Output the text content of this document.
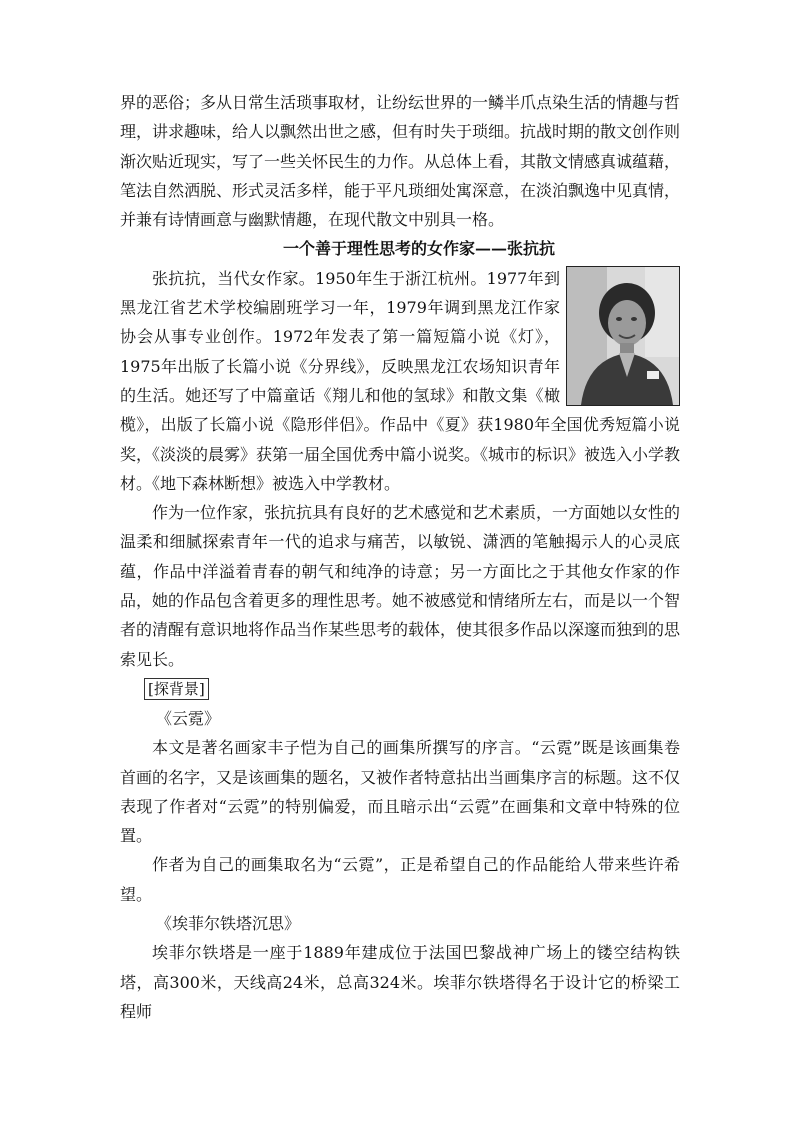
界的恶俗；多从日常生活琐事取材，让纷纭世界的一鳞半爪点染生活的情趣与哲理，讲求趣味，给人以飘然出世之感，但有时失于琐细。抗战时期的散文创作则渐次贴近现实，写了一些关怀民生的力作。从总体上看，其散文情感真诚蕴藉，笔法自然洒脱、形式灵活多样，能于平凡琐细处寓深意，在淡泊飘逸中见真情，并兼有诗情画意与幽默情趣，在现代散文中别具一格。

一个善于理性思考的女作家——张抗抗

张抗抗，当代女作家。1950年生于浙江杭州。1977年到黑龙江省艺术学校编剧班学习一年，1979年调到黑龙江作家协会从事专业创作。1972年发表了第一篇短篇小说《灯》，1975年出版了长篇小说《分界线》，反映黑龙江农场知识青年的生活。她还写了中篇童话《翔儿和他的氢球》和散文集《橄榄》，出版了长篇小说《隐形伴侣》。作品中《夏》获1980年全国优秀短篇小说奖，《淡淡的晨雾》获第一届全国优秀中篇小说奖。《城市的标识》被选入小学教材。《地下森林断想》被选入中学教材。

作为一位作家，张抗抗具有良好的艺术感觉和艺术素质，一方面她以女性的温柔和细腻探索青年一代的追求与痛苦，以敏锐、潇洒的笔触揭示人的心灵底蕴，作品中洋溢着青春的朝气和纯净的诗意；另一方面比之于其他女作家的作品，她的作品包含着更多的理性思考。她不被感觉和情绪所左右，而是以一个智者的清醒有意识地将作品当作某些思考的载体，使其很多作品以深邃而独到的思索见长。

[探背景]

《云霓》

本文是著名画家丰子恺为自己的画集所撰写的序言。“云霓”既是该画集卷首画的名字，又是该画集的题名，又被作者特意拈出当画集序言的标题。这不仅表现了作者对“云霓”的特别偏爱，而且暗示出“云霓”在画集和文章中特殊的位置。

作者为自己的画集取名为“云霓”，正是希望自己的作品能给人带来些许希望。

《埃菲尔铁塔沉思》

埃菲尔铁塔是一座于1889年建成位于法国巴黎战神广场上的镂空结构铁塔，高300米，天线高24米，总高324米。埃菲尔铁塔得名于设计它的桥梁工程师
